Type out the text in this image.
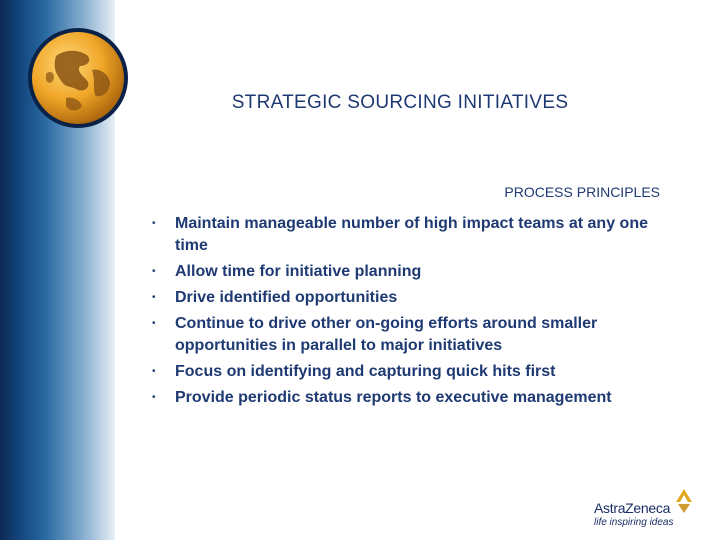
STRATEGIC SOURCING INITIATIVES
PROCESS PRINCIPLES
• Maintain manageable number of high impact teams at any one time
• Allow time for initiative planning
• Drive identified opportunities
• Continue to drive other on-going efforts around smaller opportunities in parallel to major initiatives
• Focus on identifying and capturing quick hits first
• Provide periodic status reports to executive management
AstraZeneca
life inspiring ideas
